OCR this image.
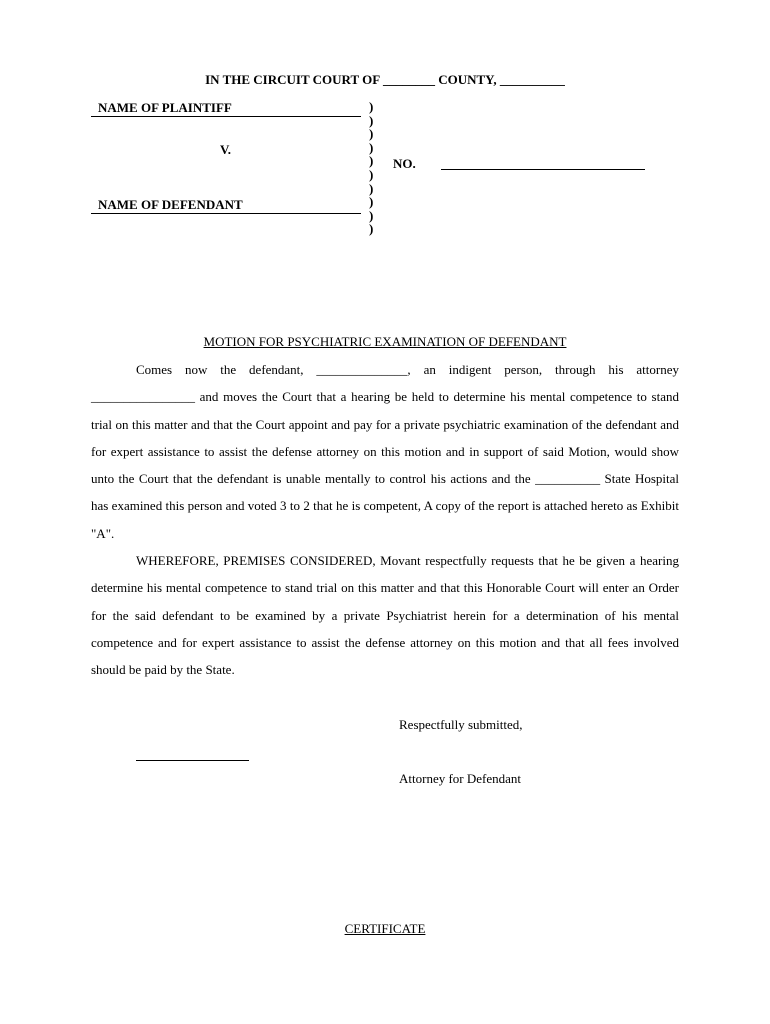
IN THE CIRCUIT COURT OF ________ COUNTY, __________
NAME OF PLAINTIFF
V.
NAME OF DEFENDANT
)
)
)
)
)
)
)
)
)
)
NO.
MOTION FOR PSYCHIATRIC EXAMINATION OF DEFENDANT

Comes now the defendant, ______________, an indigent person, through his attorney ________________ and moves the Court that a hearing be held to determine his mental competence to stand trial on this matter and that the Court appoint and pay for a private psychiatric examination of the defendant and for expert assistance to assist the defense attorney on this motion and in support of said Motion, would show unto the Court that the defendant is unable mentally to control his actions and the __________ State Hospital has examined this person and voted 3 to 2 that he is competent, A copy of the report is attached hereto as Exhibit "A".

WHEREFORE, PREMISES CONSIDERED, Movant respectfully requests that he be given a hearing determine his mental competence to stand trial on this matter and that this Honorable Court will enter an Order for the said defendant to be examined by a private Psychiatrist herein for a determination of his mental competence and for expert assistance to assist the defense attorney on this motion and that all fees involved should be paid by the State.

Respectfully submitted,
Attorney for Defendant
CERTIFICATE
